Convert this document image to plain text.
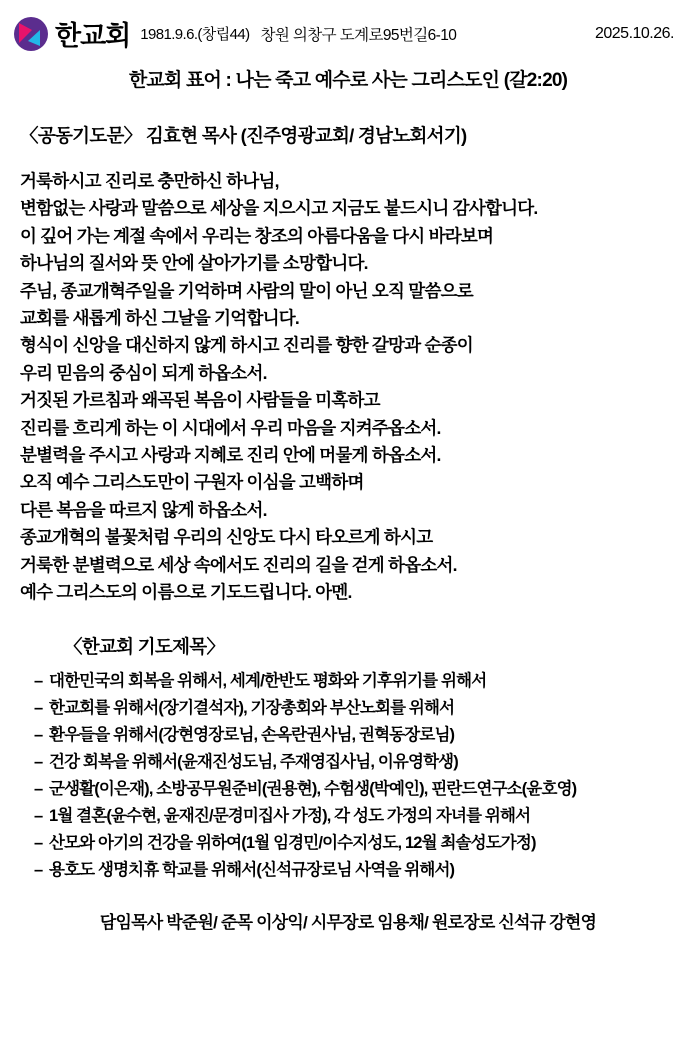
한교회 1981.9.6.(창립44) 창원 의창구 도계로95번길6-10	2025.10.26.
한교회 표어 : 나는 죽고 예수로 사는 그리스도인 (갈2:20)
〈공동기도문〉 김효현 목사 (진주영광교회/ 경남노회서기)
거룩하시고 진리로 충만하신 하나님,
변함없는 사랑과 말씀으로 세상을 지으시고 지금도 붙드시니 감사합니다.
이 깊어 가는 계절 속에서 우리는 창조의 아름다움을 다시 바라보며
하나님의 질서와 뜻 안에 살아가기를 소망합니다.
주님, 종교개혁주일을 기억하며 사람의 말이 아닌 오직 말씀으로
교회를 새롭게 하신 그날을 기억합니다.
형식이 신앙을 대신하지 않게 하시고 진리를 향한 갈망과 순종이
우리 믿음의 중심이 되게 하옵소서.
거짓된 가르침과 왜곡된 복음이 사람들을 미혹하고
진리를 흐리게 하는 이 시대에서 우리 마음을 지켜주옵소서.
분별력을 주시고 사랑과 지혜로 진리 안에 머물게 하옵소서.
오직 예수 그리스도만이 구원자 이심을 고백하며
다른 복음을 따르지 않게 하옵소서.
종교개혁의 불꽃처럼 우리의 신앙도 다시 타오르게 하시고
거룩한 분별력으로 세상 속에서도 진리의 길을 걷게 하옵소서.
예수 그리스도의 이름으로 기도드립니다. 아멘.
〈한교회 기도제목〉
– 대한민국의 회복을 위해서, 세계/한반도 평화와 기후위기를 위해서
– 한교회를 위해서(장기결석자), 기장총회와 부산노회를 위해서
– 환우들을 위해서(강현영장로님, 손옥란권사님, 권혁동장로님)
– 건강 회복을 위해서(윤재진성도님, 주재영집사님, 이유영학생)
– 군생활(이은재), 소방공무원준비(권용현), 수험생(박예인), 핀란드연구소(윤호영)
– 1월 결혼(윤수현, 윤재진/문경미집사 가정), 각 성도 가정의 자녀를 위해서
– 산모와 아기의 건강을 위하여(1월 임경민/이수지성도, 12월 최솔성도가정)
– 용호도 생명치휴 학교를 위해서(신석규장로님 사역을 위해서)
담임목사 박준원/ 준목 이상익/ 시무장로 임용채/ 원로장로 신석규 강현영
